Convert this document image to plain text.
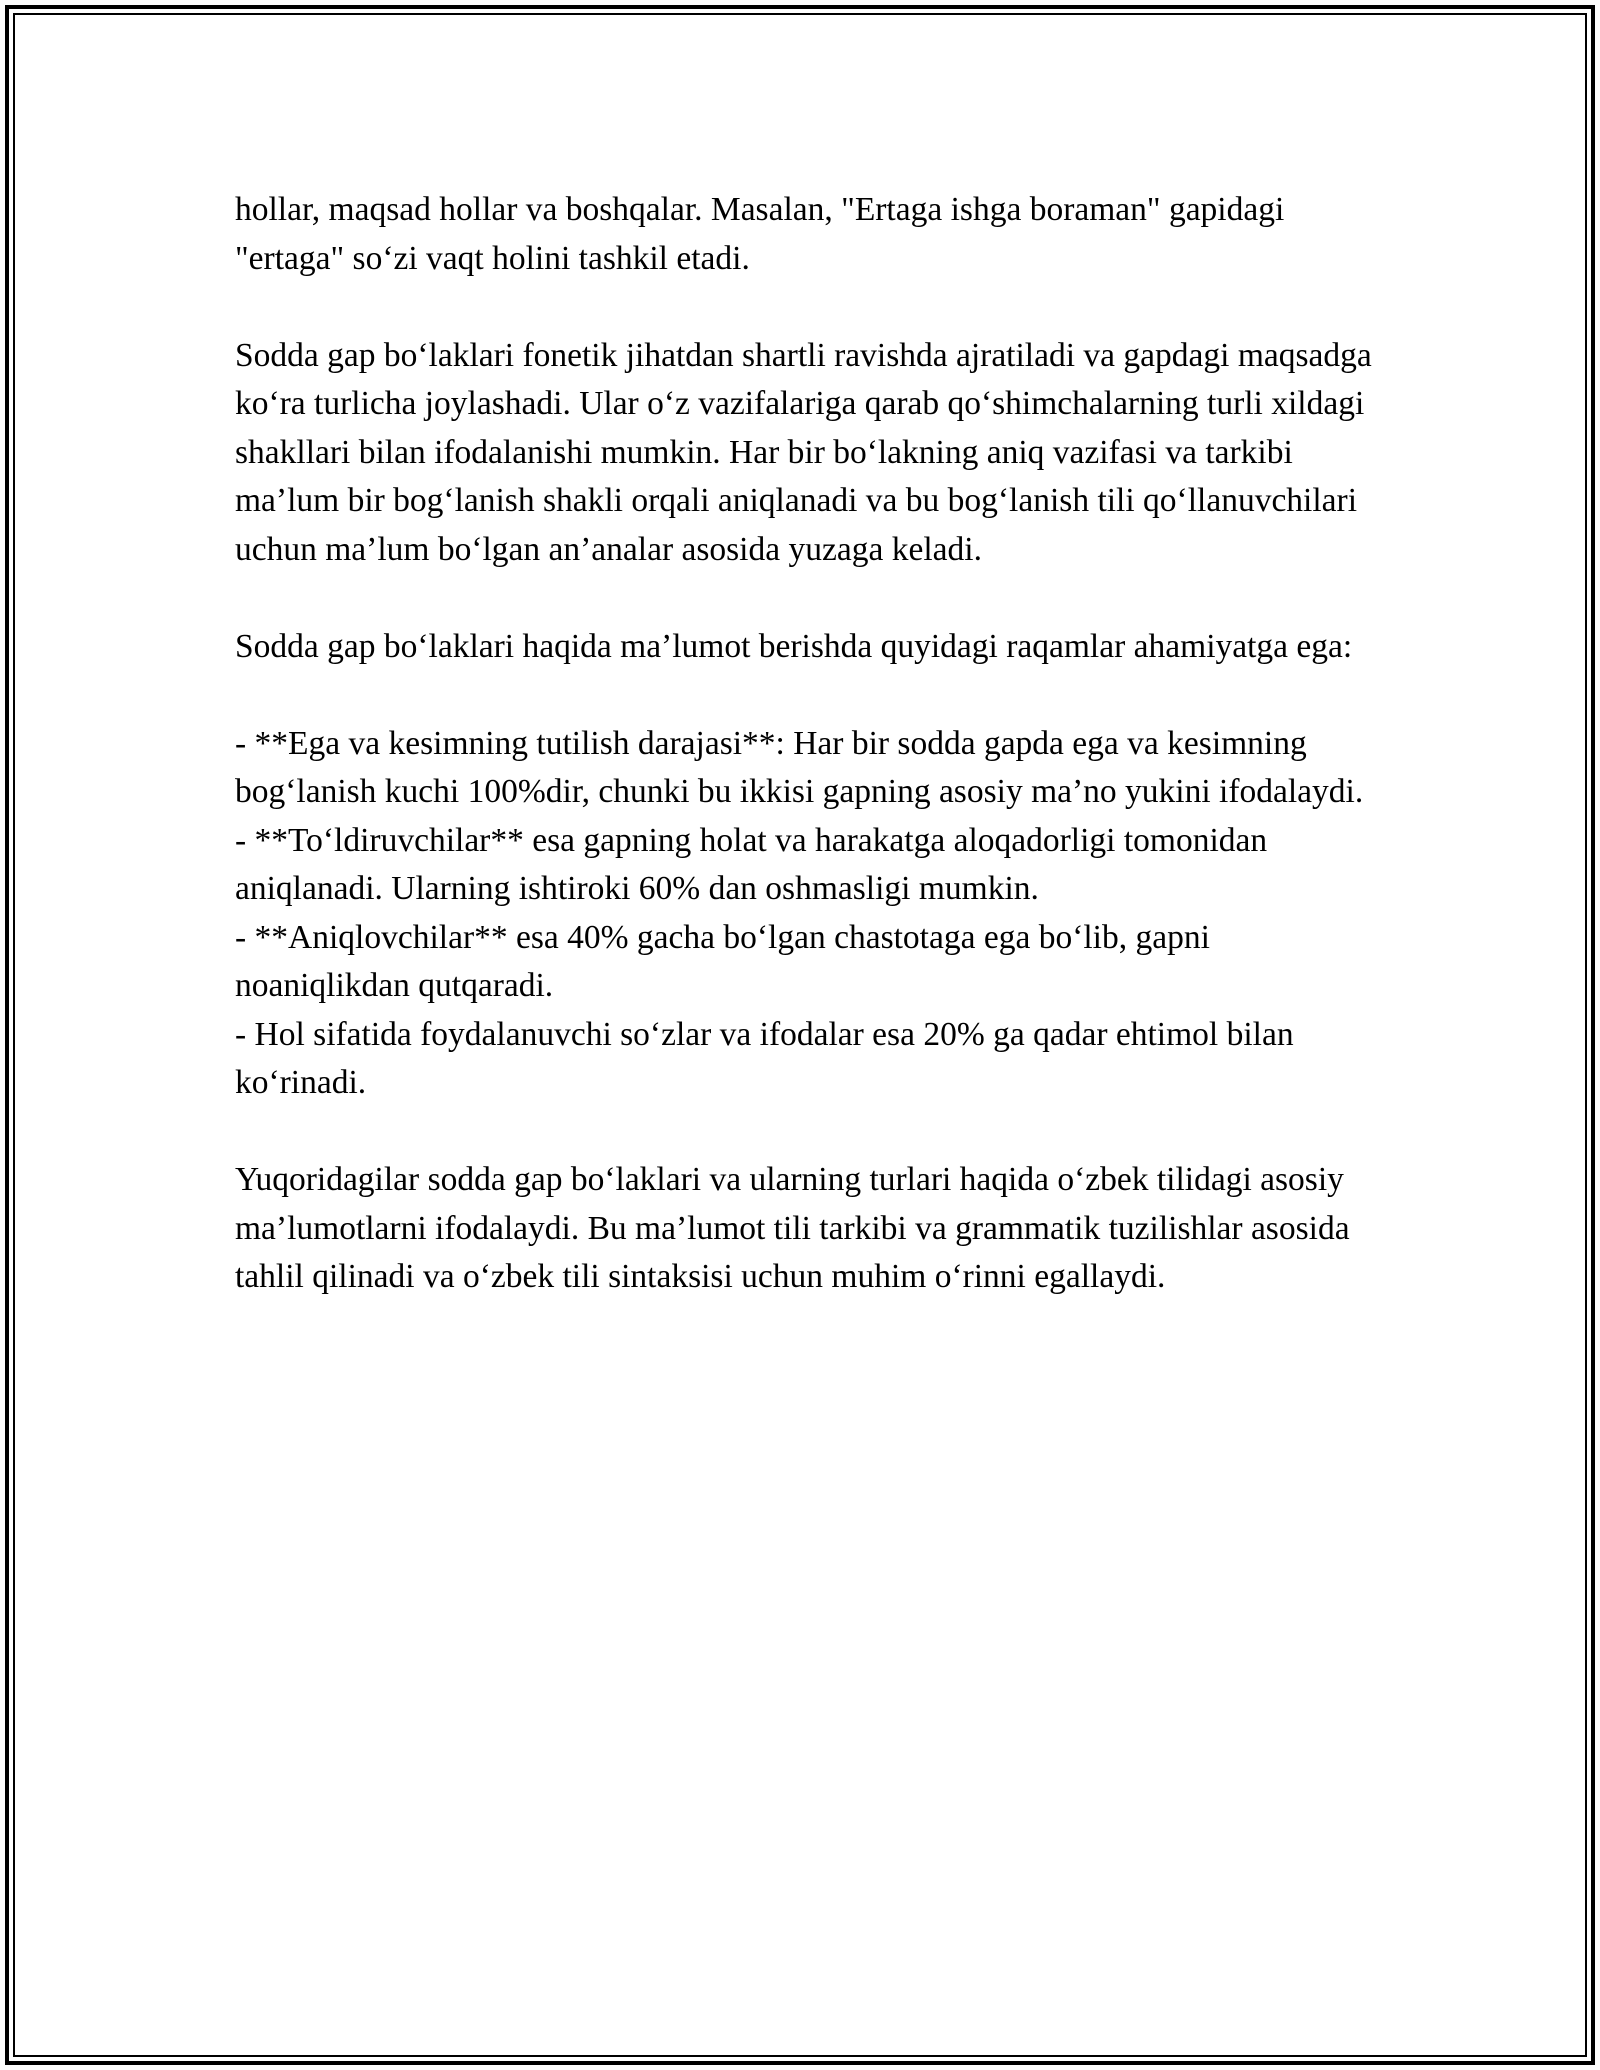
hollar, maqsad hollar va boshqalar. Masalan, "Ertaga ishga boraman" gapidagi "ertaga" so‘zi vaqt holini tashkil etadi.

Sodda gap bo‘laklari fonetik jihatdan shartli ravishda ajratiladi va gapdagi maqsadga ko‘ra turlicha joylashadi. Ular o‘z vazifalariga qarab qo‘shimchalarning turli xildagi shakllari bilan ifodalanishi mumkin. Har bir bo‘lakning aniq vazifasi va tarkibi ma’lum bir bog‘lanish shakli orqali aniqlanadi va bu bog‘lanish tili qo‘llanuvchilari uchun ma’lum bo‘lgan an’analar asosida yuzaga keladi.

Sodda gap bo‘laklari haqida ma’lumot berishda quyidagi raqamlar ahamiyatga ega:

- **Ega va kesimning tutilish darajasi**: Har bir sodda gapda ega va kesimning bog‘lanish kuchi 100%dir, chunki bu ikkisi gapning asosiy ma’no yukini ifodalaydi.
- **To‘ldiruvchilar** esa gapning holat va harakatga aloqadorligi tomonidan aniqlanadi. Ularning ishtiroki 60% dan oshmasligi mumkin.
- **Aniqlovchilar** esa 40% gacha bo‘lgan chastotaga ega bo‘lib, gapni noaniqlikdan qutqaradi.
- Hol sifatida foydalanuvchi so‘zlar va ifodalar esa 20% ga qadar ehtimol bilan ko‘rinadi.

Yuqoridagilar sodda gap bo‘laklari va ularning turlari haqida o‘zbek tilidagi asosiy ma’lumotlarni ifodalaydi. Bu ma’lumot tili tarkibi va grammatik tuzilishlar asosida tahlil qilinadi va o‘zbek tili sintaksisi uchun muhim o‘rinni egallaydi.
